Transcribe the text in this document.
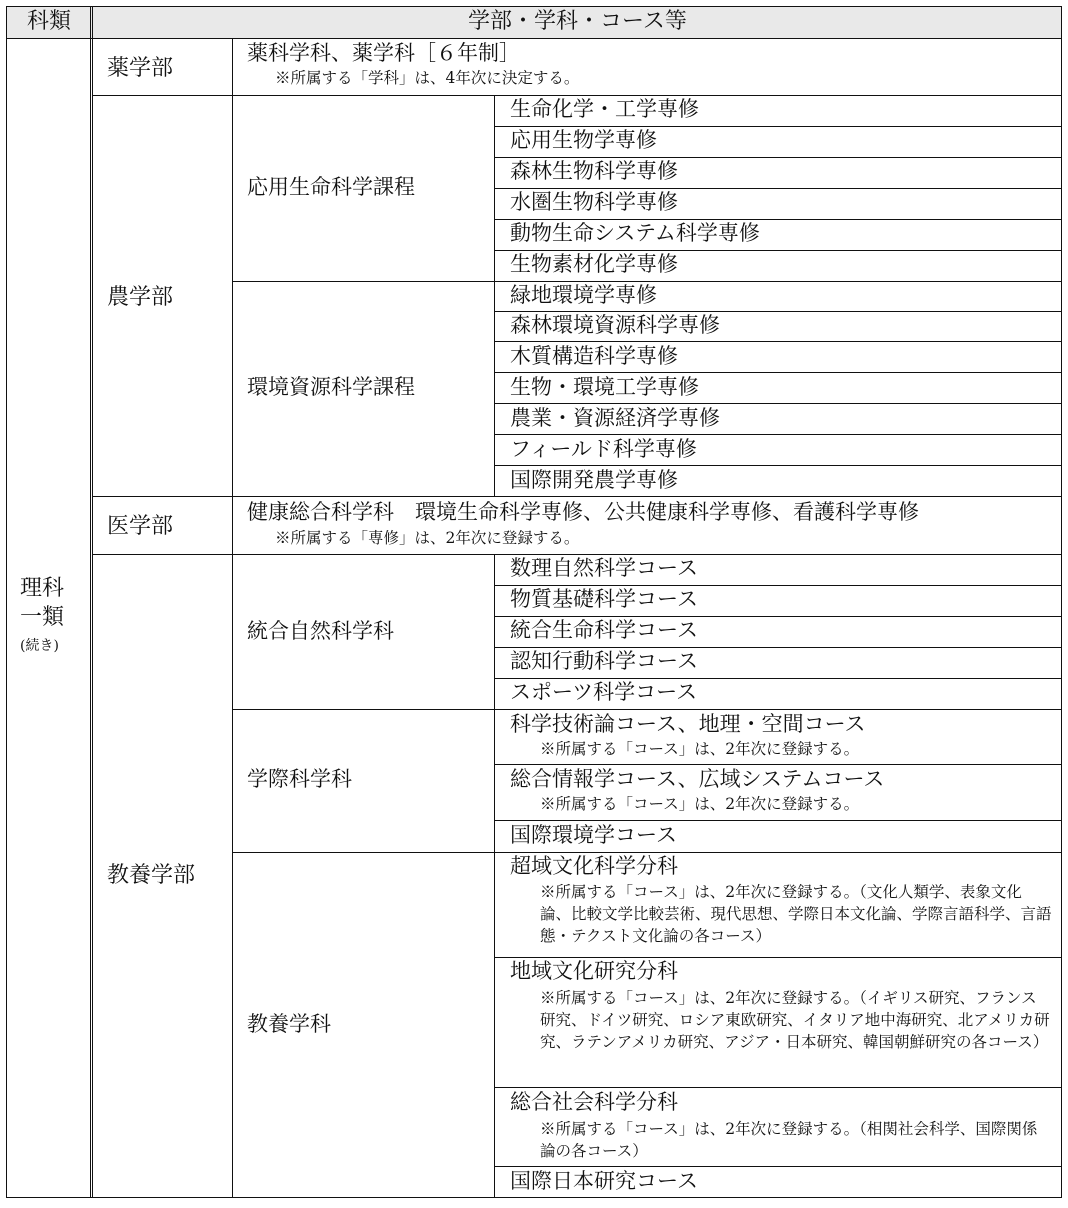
科類	学部・学科・コース等
理科
一類
(続き)
薬学部
薬科学科、薬学科［６年制］
※所属する「学科」は、4年次に決定する。
農学部
応用生命科学課程
生命化学・工学専修
応用生物学専修
森林生物科学専修
水圏生物科学専修
動物生命システム科学専修
生物素材化学専修
環境資源科学課程
緑地環境学専修
森林環境資源科学専修
木質構造科学専修
生物・環境工学専修
農業・資源経済学専修
フィールド科学専修
国際開発農学専修
医学部
健康総合科学科　環境生命科学専修、公共健康科学専修、看護科学専修
※所属する「専修」は、2年次に登録する。
教養学部
統合自然科学科
数理自然科学コース
物質基礎科学コース
統合生命科学コース
認知行動科学コース
スポーツ科学コース
学際科学科
科学技術論コース、地理・空間コース
※所属する「コース」は、2年次に登録する。
総合情報学コース、広域システムコース
※所属する「コース」は、2年次に登録する。
国際環境学コース
教養学科
超域文化科学分科
※所属する「コース」は、2年次に登録する。（文化人類学、表象文化論、比較文学比較芸術、現代思想、学際日本文化論、学際言語科学、言語態・テクスト文化論の各コース）
地域文化研究分科
※所属する「コース」は、2年次に登録する。（イギリス研究、フランス研究、ドイツ研究、ロシア東欧研究、イタリア地中海研究、北アメリカ研究、ラテンアメリカ研究、アジア・日本研究、韓国朝鮮研究の各コース）
総合社会科学分科
※所属する「コース」は、2年次に登録する。（相関社会科学、国際関係論の各コース）
国際日本研究コース
